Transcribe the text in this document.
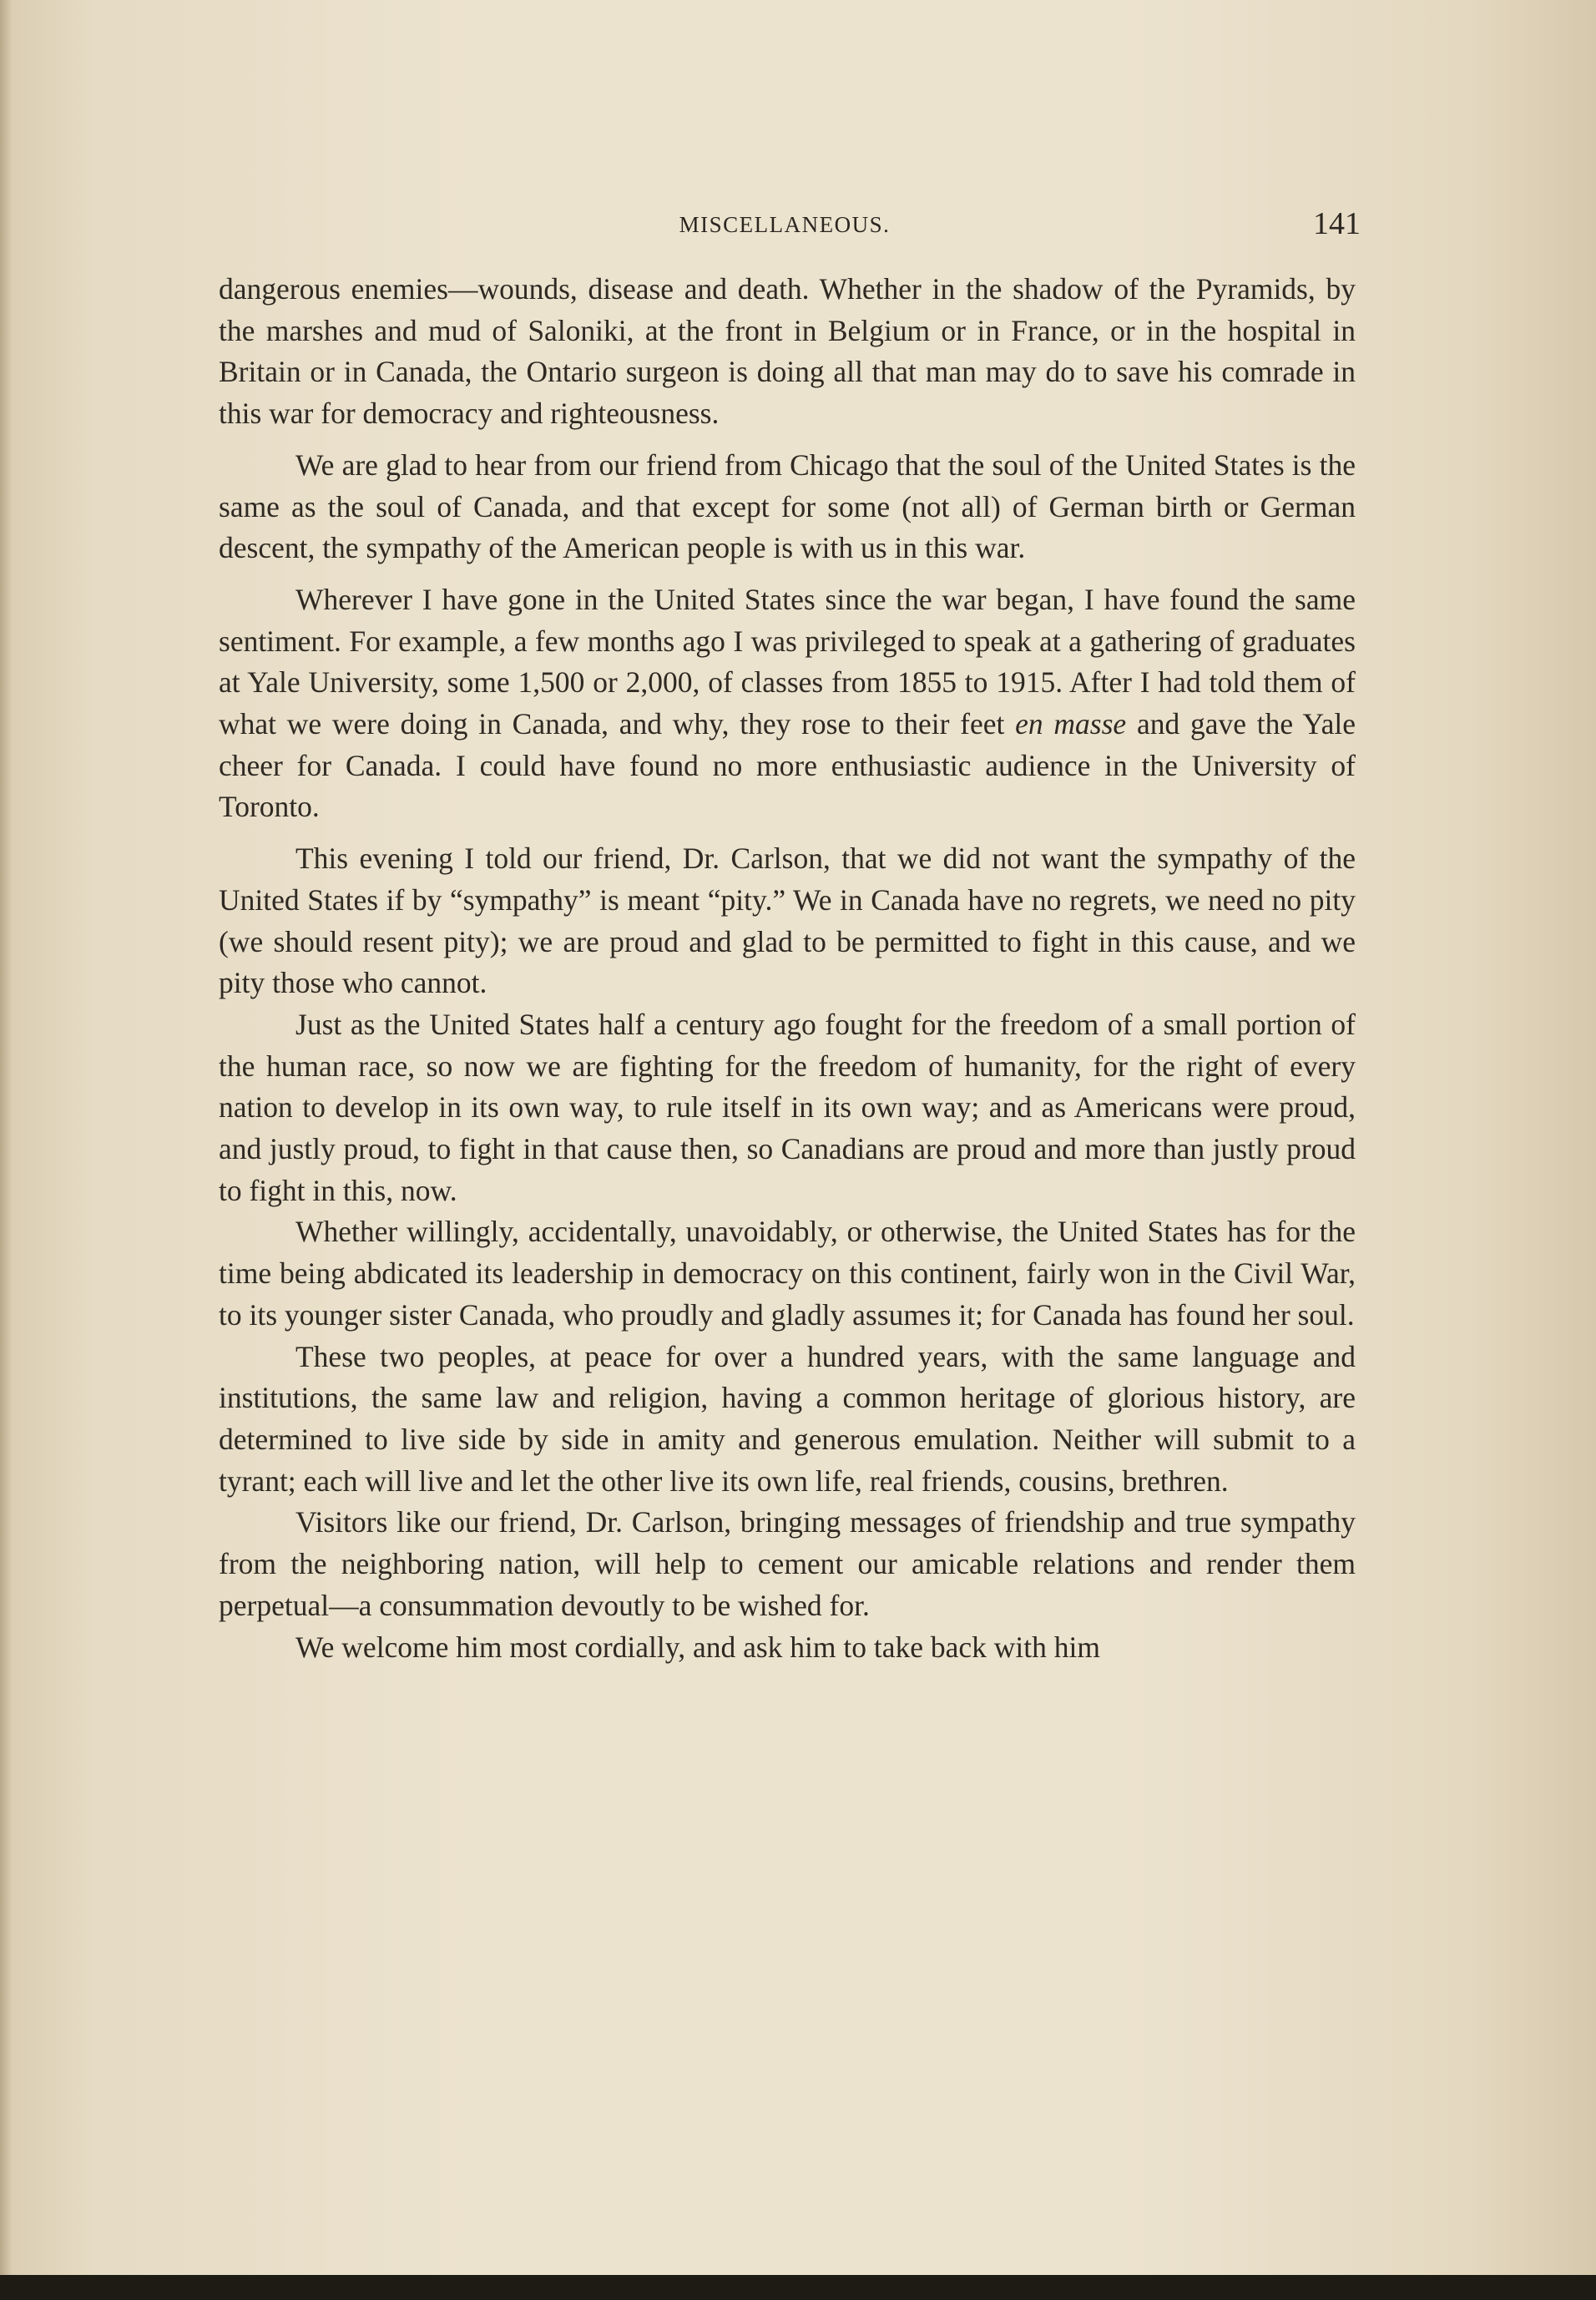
MISCELLANEOUS.	141

dangerous enemies—wounds, disease and death. Whether in the shadow of the Pyramids, by the marshes and mud of Saloniki, at the front in Belgium or in France, or in the hospital in Britain or in Canada, the Ontario surgeon is doing all that man may do to save his comrade in this war for democracy and righteousness.

We are glad to hear from our friend from Chicago that the soul of the United States is the same as the soul of Canada, and that except for some (not all) of German birth or German descent, the sympathy of the American people is with us in this war.

Wherever I have gone in the United States since the war began, I have found the same sentiment. For example, a few months ago I was privileged to speak at a gathering of graduates at Yale University, some 1,500 or 2,000, of classes from 1855 to 1915. After I had told them of what we were doing in Canada, and why, they rose to their feet en masse and gave the Yale cheer for Canada. I could have found no more enthusiastic audience in the University of Toronto.

This evening I told our friend, Dr. Carlson, that we did not want the sympathy of the United States if by “sympathy” is meant “pity.” We in Canada have no regrets, we need no pity (we should resent pity); we are proud and glad to be permitted to fight in this cause, and we pity those who cannot.

Just as the United States half a century ago fought for the freedom of a small portion of the human race, so now we are fighting for the freedom of humanity, for the right of every nation to develop in its own way, to rule itself in its own way; and as Americans were proud, and justly proud, to fight in that cause then, so Canadians are proud and more than justly proud to fight in this, now.

Whether willingly, accidentally, unavoidably, or otherwise, the United States has for the time being abdicated its leadership in democracy on this continent, fairly won in the Civil War, to its younger sister Canada, who proudly and gladly assumes it; for Canada has found her soul.

These two peoples, at peace for over a hundred years, with the same language and institutions, the same law and religion, having a common heritage of glorious history, are determined to live side by side in amity and generous emulation. Neither will submit to a tyrant; each will live and let the other live its own life, real friends, cousins, brethren.

Visitors like our friend, Dr. Carlson, bringing messages of friendship and true sympathy from the neighboring nation, will help to cement our amicable relations and render them perpetual—a consummation devoutly to be wished for.

We welcome him most cordially, and ask him to take back with him
